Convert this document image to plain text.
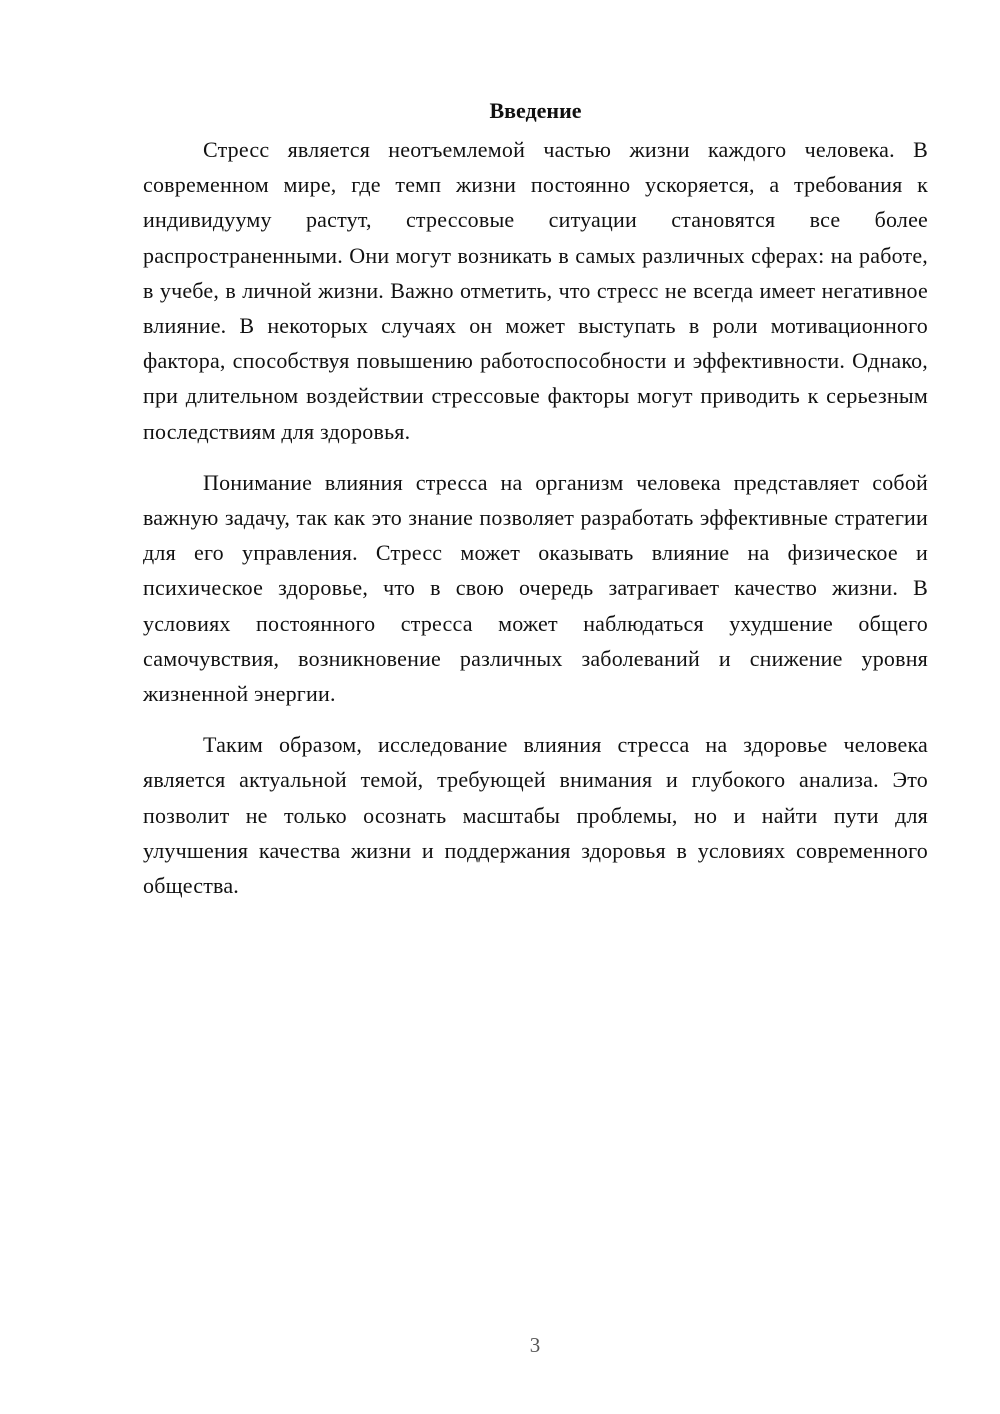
Введение

Стресс является неотъемлемой частью жизни каждого человека. В современном мире, где темп жизни постоянно ускоряется, а требования к индивидууму растут, стрессовые ситуации становятся все более распространенными. Они могут возникать в самых различных сферах: на работе, в учебе, в личной жизни. Важно отметить, что стресс не всегда имеет негативное влияние. В некоторых случаях он может выступать в роли мотивационного фактора, способствуя повышению работоспособности и эффективности. Однако, при длительном воздействии стрессовые факторы могут приводить к серьезным последствиям для здоровья.

Понимание влияния стресса на организм человека представляет собой важную задачу, так как это знание позволяет разработать эффективные стратегии для его управления. Стресс может оказывать влияние на физическое и психическое здоровье, что в свою очередь затрагивает качество жизни. В условиях постоянного стресса может наблюдаться ухудшение общего самочувствия, возникновение различных заболеваний и снижение уровня жизненной энергии.

Таким образом, исследование влияния стресса на здоровье человека является актуальной темой, требующей внимания и глубокого анализа. Это позволит не только осознать масштабы проблемы, но и найти пути для улучшения качества жизни и поддержания здоровья в условиях современного общества.

3
